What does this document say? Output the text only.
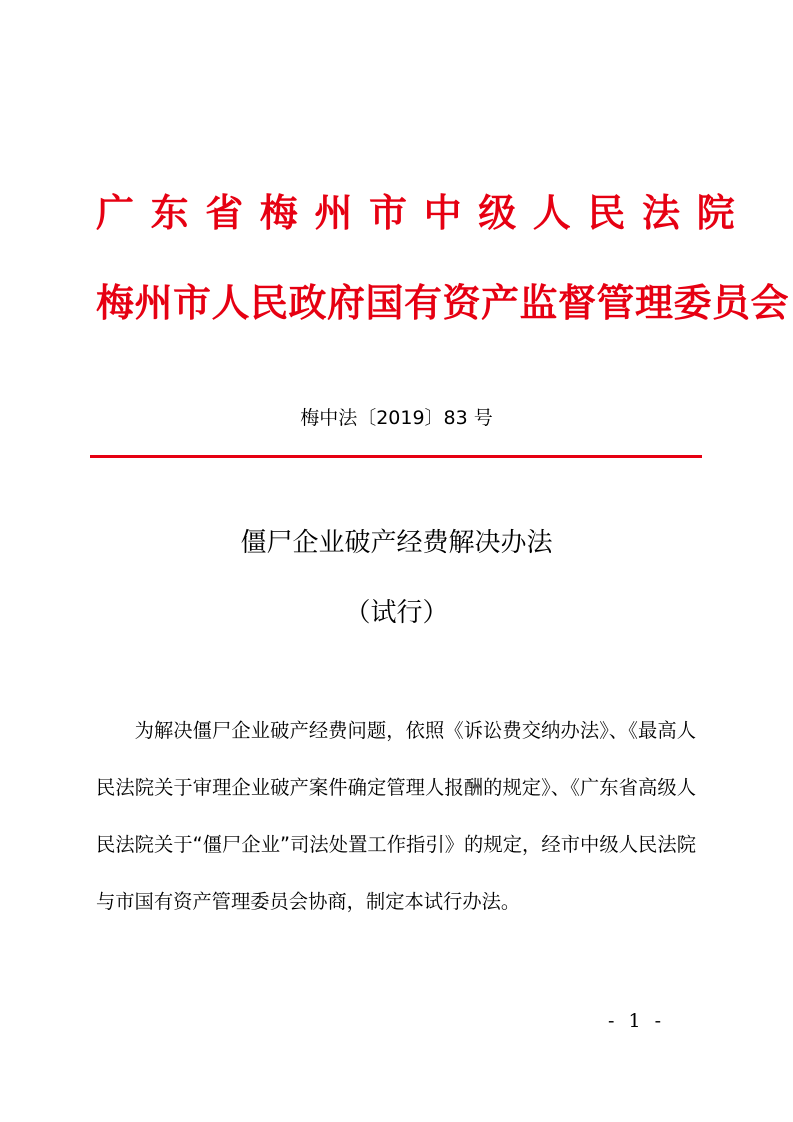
广东省梅州市中级人民法院
梅州市人民政府国有资产监督管理委员会
梅中法〔2019〕83 号
僵尸企业破产经费解决办法
（试行）

为解决僵尸企业破产经费问题，依照《诉讼费交纳办法》、《最高人民法院关于审理企业破产案件确定管理人报酬的规定》、《广东省高级人民法院关于“僵尸企业”司法处置工作指引》的规定，经市中级人民法院与市国有资产管理委员会协商，制定本试行办法。

- 1 -
